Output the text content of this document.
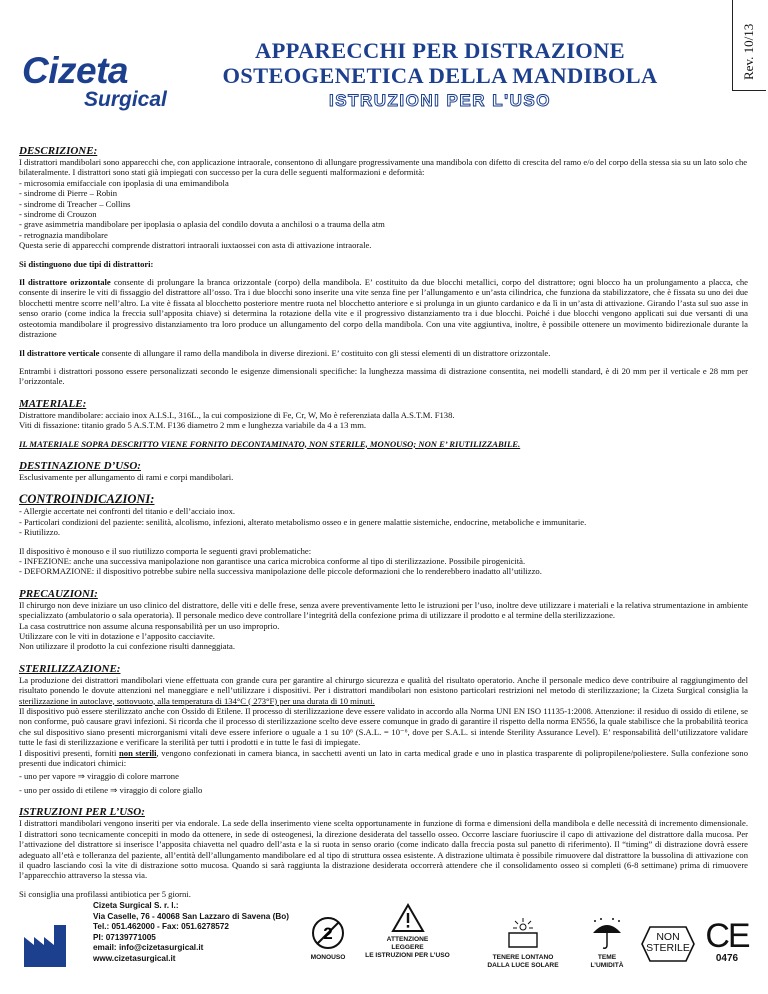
Cizeta
Surgical
APPARECCHI PER DISTRAZIONE
OSTEOGENETICA DELLA MANDIBOLA
ISTRUZIONI PER L'USO
Rev. 10/13
DESCRIZIONE:

I distrattori mandibolari sono apparecchi che, con applicazione intraorale, consentono di allungare progressivamente una mandibola con difetto di crescita del ramo e/o del corpo della stessa sia su un lato solo che bilateralmente. I distrattori sono stati già impiegati con successo per la cura delle seguenti malformazioni e deformità:

- microsomia emifacciale con ipoplasia di una emimandibola

- sindrome di Pierre – Robin

- sindrome di Treacher – Collins

- sindrome di Crouzon

- grave asimmetria mandibolare per ipoplasia o aplasia del condilo dovuta a anchilosi o a trauma della atm

- retrognazia mandibolare

Questa serie di apparecchi comprende distrattori intraorali iuxtaossei con asta di attivazione intraorale.

Si distinguono due tipi di distrattori:

Il distrattore orizzontale consente di prolungare la branca orizzontale (corpo) della mandibola. E’ costituito da due blocchi metallici, corpo del distrattore; ogni blocco ha un prolungamento a placca, che consente di inserire le viti di fissaggio del distrattore all’osso. Tra i due blocchi sono inserite una vite senza fine per l’allungamento e un’asta cilindrica, che funziona da stabilizzatore, che è fissata su uno dei due blocchetti mentre scorre nell’altro. La vite è fissata al blocchetto posteriore mentre ruota nel blocchetto anteriore e si prolunga in un giunto cardanico e da lì in un’asta di attivazione. Girando l’asta sul suo asse in senso orario (come indica la freccia sull’apposita chiave) si determina la rotazione della vite e il progressivo distanziamento tra i due blocchi. Poiché i due blocchi vengono applicati sui due versanti di una osteotomia mandibolare il progressivo distanziamento tra loro produce un allungamento del corpo della mandibola. Con una vite aggiuntiva, inoltre, è possibile ottenere un movimento bidirezionale durante la distrazione

Il distrattore verticale consente di allungare il ramo della mandibola in diverse direzioni. E’ costituito con gli stessi elementi di un distrattore orizzontale.

Entrambi i distrattori possono essere personalizzati secondo le esigenze dimensionali specifiche: la lunghezza massima di distrazione consentita, nei modelli standard, è di 20 mm per il verticale e 28 mm per l’orizzontale.

MATERIALE:

Distrattore mandibolare: acciaio inox A.I.S.I., 316L., la cui composizione di Fe, Cr, W, Mo è referenziata dalla A.S.T.M. F138.

Viti di fissazione: titanio grado 5 A.S.T.M. F136 diametro 2 mm e lunghezza variabile da 4 a 13 mm.

IL MATERIALE SOPRA DESCRITTO VIENE FORNITO DECONTAMINATO, NON STERILE, MONOUSO; NON E’ RIUTILIZZABILE.

DESTINAZIONE D’USO:

Esclusivamente per allungamento di rami e corpi mandibolari.

CONTROINDICAZIONI:

- Allergie accertate nei confronti del titanio e dell’acciaio inox.

- Particolari condizioni del paziente: senilità, alcolismo, infezioni, alterato metabolismo osseo e in genere malattie sistemiche, endocrine, metaboliche e immunitarie.

- Riutilizzo.

Il dispositivo è monouso e il suo riutilizzo comporta le seguenti gravi problematiche:

- INFEZIONE: anche una successiva manipolazione non garantisce una carica microbica conforme al tipo di sterilizzazione. Possibile pirogenicità.

- DEFORMAZIONE: il dispositivo potrebbe subire nella successiva manipolazione delle piccole deformazioni che lo renderebbero inadatto all’utilizzo.

PRECAUZIONI:

Il chirurgo non deve iniziare un uso clinico del distrattore, delle viti e delle frese, senza avere preventivamente letto le istruzioni per l’uso, inoltre deve utilizzare i materiali e la relativa strumentazione in ambiente specializzato (ambulatorio o sala operatoria). Il personale medico deve controllare l’integrità della confezione prima di utilizzare il prodotto e al termine della sterilizzazione.

La casa costruttrice non assume alcuna responsabilità per un uso improprio.

Utilizzare con le viti in dotazione e l’apposito cacciavite.

Non utilizzare il prodotto la cui confezione risulti danneggiata.

STERILIZZAZIONE:

La produzione dei distrattori mandibolari viene effettuata con grande cura per garantire al chirurgo sicurezza e qualità del risultato operatorio. Anche il personale medico deve contribuire al raggiungimento del risultato ponendo le dovute attenzioni nel maneggiare e nell’utilizzare i dispositivi. Per i distrattori mandibolari non esistono particolari restrizioni nel metodo di sterilizzazione; la Cizeta Surgical consiglia la sterilizzazione in autoclave, sottovuoto, alla temperatura di 134°C ( 273°F) per una durata di 10 minuti.

Il dispositivo può essere sterilizzato anche con Ossido di Etilene. Il processo di sterilizzazione deve essere validato in accordo alla Norma UNI EN ISO 11135-1:2008. Attenzione: il residuo di ossido di etilene, se non conforme, può causare gravi infezioni. Si ricorda che il processo di sterilizzazione scelto deve essere comunque in grado di garantire il rispetto della norma EN556, la quale stabilisce che la probabilità teorica che sul dispositivo siano presenti microrganismi vitali deve essere inferiore o uguale a 1 su 10⁶ (S.A.L. = 10⁻⁶, dove per S.A.L. si intende Sterility Assurance Level). E’ responsabilità dell’utilizzatore validare tutte le fasi di sterilizzazione e verificare la sterilità per tutti i prodotti e in tutte le fasi di impiegate.

I dispositivi presenti, forniti non sterili, vengono confezionati in camera bianca, in sacchetti aventi un lato in carta medical grade e uno in plastica trasparente di polipropilene/poliestere. Sulla confezione sono presenti due indicatori chimici:

- uno per vapore ⇒ viraggio di colore marrone

- uno per ossido di etilene ⇒ viraggio di colore giallo

ISTRUZIONI PER L’USO:

I distrattori mandibolari vengono inseriti per via endorale. La sede della inserimento viene scelta opportunamente in funzione di forma e dimensioni della mandibola e delle necessità di incremento dimensionale. I distrattori sono tecnicamente concepiti in modo da ottenere, in sede di osteogenesi, la direzione desiderata del tassello osseo. Occorre lasciare fuoriuscire il capo di attivazione del distrattore dalla mucosa. Per l’attivazione del distrattore si inserisce l’apposita chiavetta nel quadro dell’asta e la si ruota in senso orario (come indicato dalla freccia posta sul panetto di riferimento). Il “timing” di distrazione dovrà essere adeguato all’età e tolleranza del paziente, all’entità dell’allungamento mandibolare ed al tipo di struttura ossea esistente. A distrazione ultimata è possibile rimuovere dal distrattore la bussolina di attivazione con il quadro lasciando così la vite di distrazione sotto mucosa. Quando si sarà raggiunta la distrazione desiderata occorrerà attendere che il consolidamento osseo si completi (6-8 settimane) prima di rimuovere l’apparecchio attraverso la stessa via.

Si consiglia una profilassi antibiotica per 5 giorni.

Cizeta Surgical S. r. l.:
Via Caselle, 76 - 40068 San Lazzaro di Savena (Bo)
Tel.: 051.462000 - Fax: 051.6278572
PI: 07139771005
email: info@cizetasurgical.it
www.cizetasurgical.it
2
MONOUSO
ATTENZIONE
LEGGERE
LE ISTRUZIONI PER L’USO	TENERE LONTANO
DALLA LUCE SOLARE
TEME
L’UMIDITÀ
NON
STERILE CE
0476
